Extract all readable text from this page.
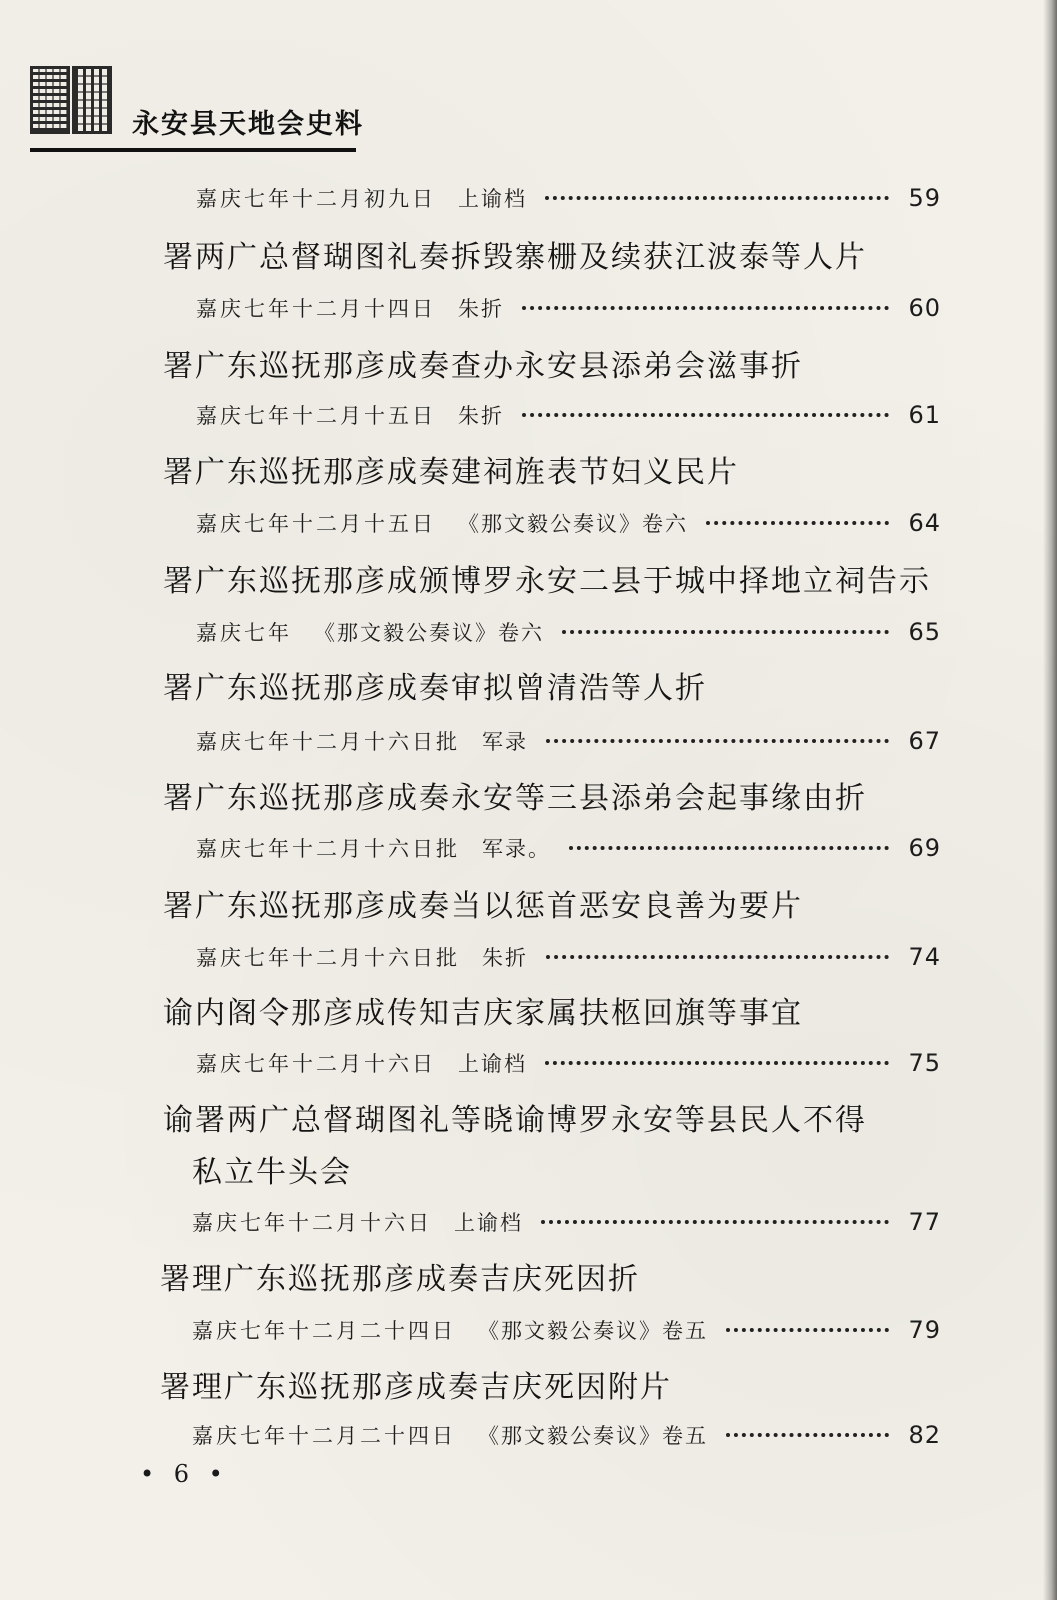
永安县天地会史料
嘉庆七年十二月初九日 上谕档	59
署两广总督瑚图礼奏拆毁寨栅及续获江波泰等人片
嘉庆七年十二月十四日 朱折	60
署广东巡抚那彦成奏查办永安县添弟会滋事折
嘉庆七年十二月十五日 朱折	61
署广东巡抚那彦成奏建祠旌表节妇义民片
嘉庆七年十二月十五日 《那文毅公奏议》卷六	64
署广东巡抚那彦成颁博罗永安二县于城中择地立祠告示
嘉庆七年 《那文毅公奏议》卷六	65
署广东巡抚那彦成奏审拟曾清浩等人折
嘉庆七年十二月十六日批 军录	67
署广东巡抚那彦成奏永安等三县添弟会起事缘由折
嘉庆七年十二月十六日批 军录。	69
署广东巡抚那彦成奏当以惩首恶安良善为要片
嘉庆七年十二月十六日批 朱折	74
谕内阁令那彦成传知吉庆家属扶柩回旗等事宜
嘉庆七年十二月十六日 上谕档	75
谕署两广总督瑚图礼等晓谕博罗永安等县民人不得
私立牛头会
嘉庆七年十二月十六日 上谕档	77
署理广东巡抚那彦成奏吉庆死因折
嘉庆七年十二月二十四日 《那文毅公奏议》卷五	79
署理广东巡抚那彦成奏吉庆死因附片
嘉庆七年十二月二十四日 《那文毅公奏议》卷五	82
• 6 •
